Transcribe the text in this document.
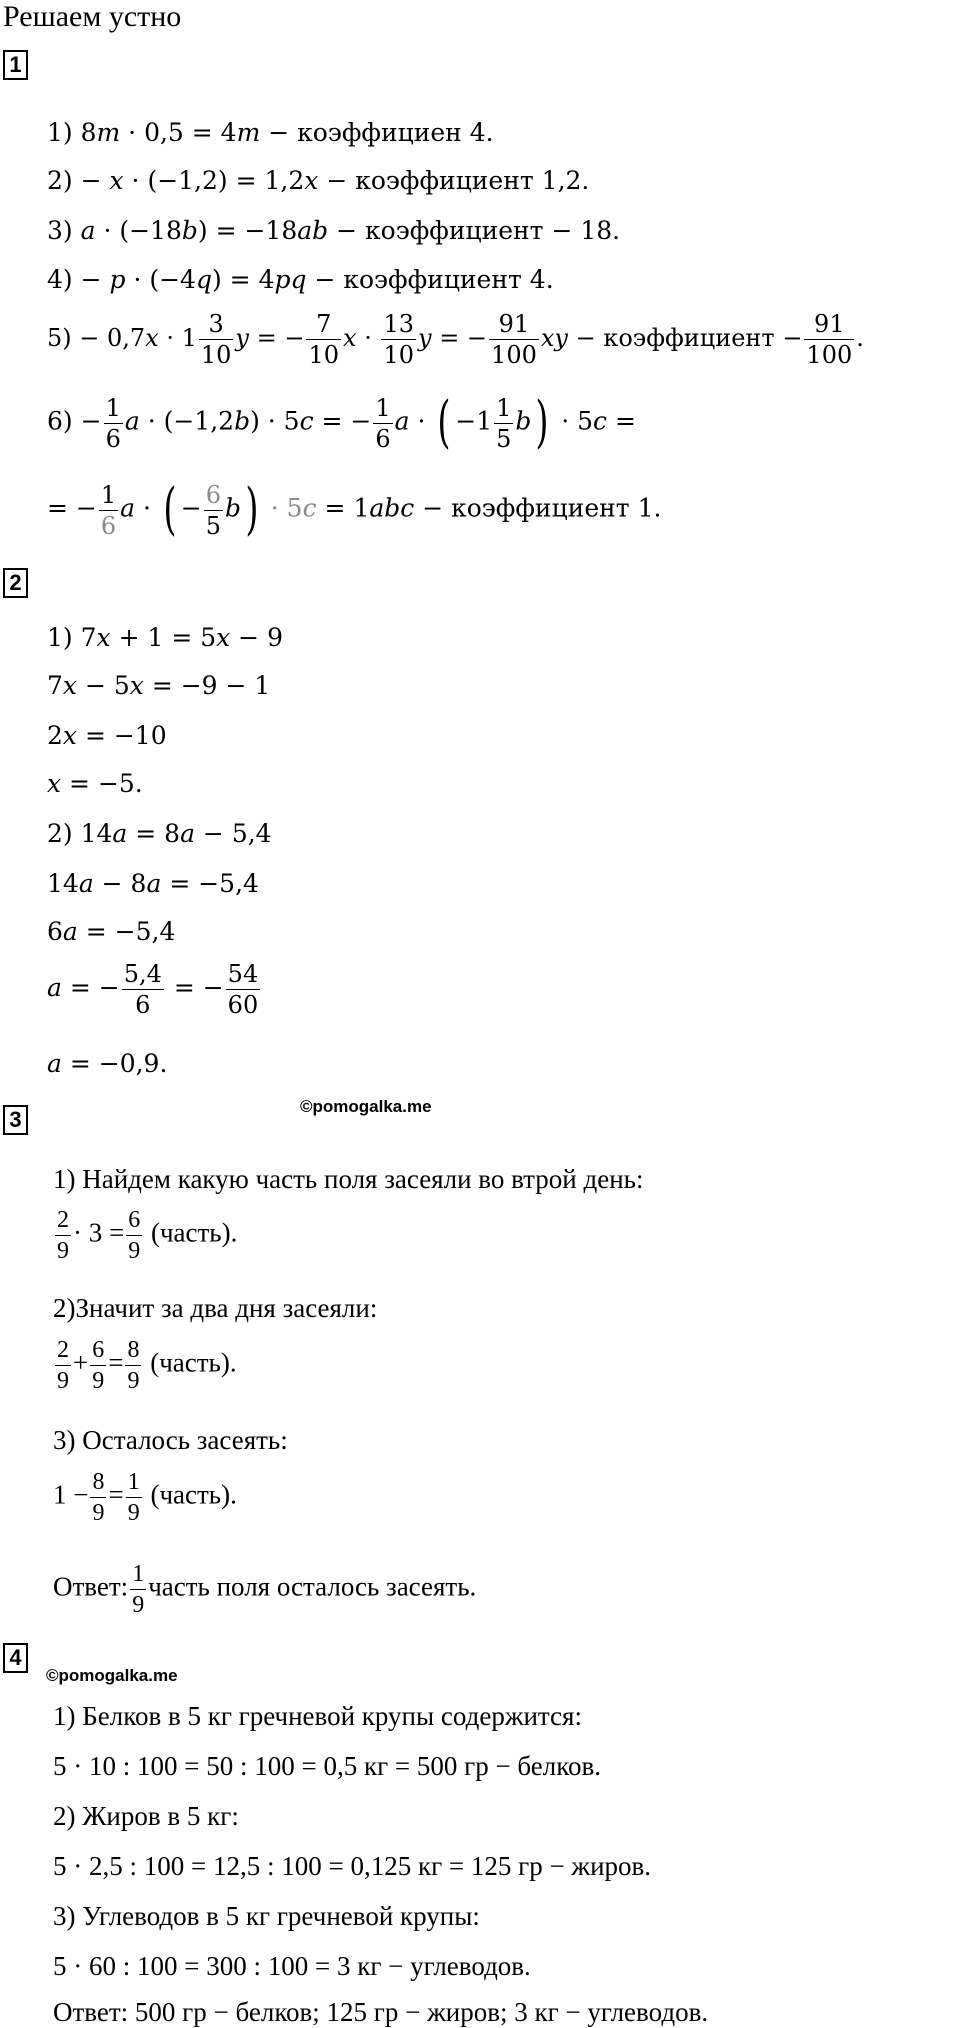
Решаем устно
1
1) 8m · 0,5 = 4m − коэффициен 4.
2) − x · (−1,2) = 1,2x − коэффициент 1,2.
3) a · (−18b) = −18ab − коэффициент − 18.
4) − p · (−4q) = 4pq − коэффициент 4.
$5) - 0,7x \cdot 1 \frac{3}{10}$ y = − $\frac{7}{10}$ $x \cdot \frac{13}{10}$ y = − $\frac{91}{100}$ xy − коэффициент − $\frac{91}{100}$ .
$6) - \frac{1}{6}$ a · (−1,2b) · 5c = − $\frac{1}{6}$ a · ( $-1 \frac{1}{5} b) \cdot 5c$ =
= − $\frac{1}{6}$ a · ( − $\frac{6}{5} b) \cdot 5c = 1abc$ − коэффициент 1.
2
1) 7x + 1 = 5x − 9
7x − 5x = −9 − 1
2x = −10
x = −5.
2) 14a = 8a − 5,4
14a − 8a = −5,4
6a = −5,4
a = − $\frac{5,4}{6}$ = − $\frac{54}{60}$
a = −0,9.
3
©pomogalka.me
1) Найдем какую часть поля засеяли во втрой день:
$\frac{2}{9} \cdot 3 = \frac{6}{9}$ (часть).
2)Значит за два дня засеяли:
$\frac{2}{9} + \frac{6}{9} = \frac{8}{9}$ (часть).
3) Осталось засеять:
$1 - \frac{8}{9} = \frac{1}{9}$ (часть).
Ответ: $\frac{1}{9}$ часть поля осталось засеять.
4
©pomogalka.me
1) Белков в 5 кг гречневой крупы содержится:
5 · 10 : 100 = 50 : 100 = 0,5 кг = 500 гр − белков.
2) Жиров в 5 кг:
5 · 2,5 : 100 = 12,5 : 100 = 0,125 кг = 125 гр − жиров.
3) Углеводов в 5 кг гречневой крупы:
5 · 60 : 100 = 300 : 100 = 3 кг − углеводов.
Ответ: 500 гр − белков; 125 гр − жиров; 3 кг − углеводов.
